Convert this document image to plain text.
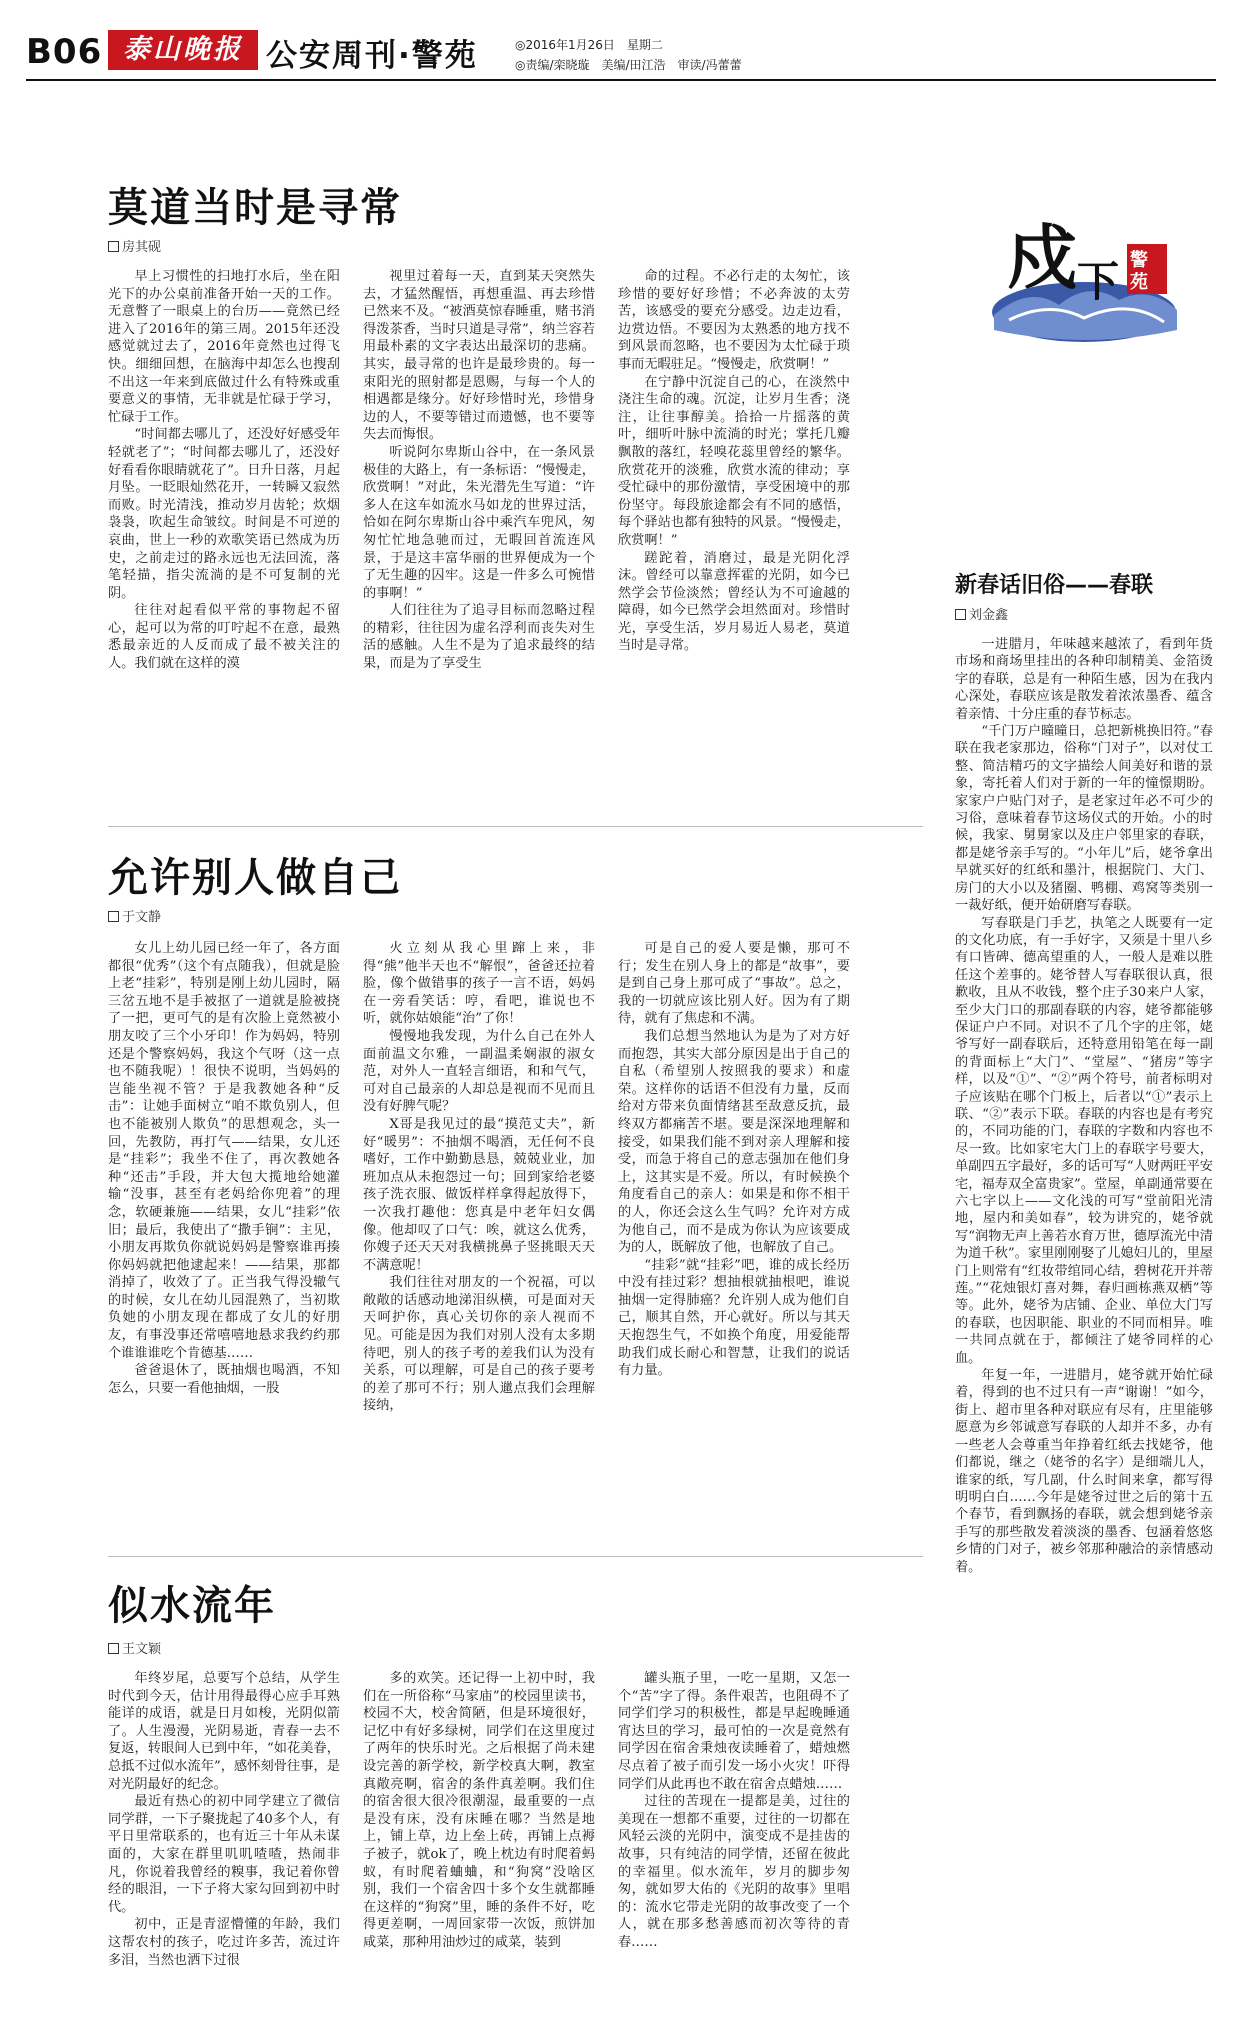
B06 泰山晚报 公安周刊·警苑	◎2016年1月26日　星期二
◎责编/栾晓璇　美编/田江浩　审读/冯蕾蕾
莫道当时是寻常
房其砚

早上习惯性的扫地打水后，坐在阳光下的办公桌前准备开始一天的工作。无意瞥了一眼桌上的台历——竟然已经进入了2016年的第三周。2015年还没感觉就过去了，2016年竟然也过得飞快。细细回想，在脑海中却怎么也搜刮不出这一年来到底做过什么有特殊或重要意义的事情，无非就是忙碌于学习，忙碌于工作。

“时间都去哪儿了，还没好好感受年轻就老了”；“时间都去哪儿了，还没好好看看你眼睛就花了”。日升日落，月起月坠。一眨眼灿然花开，一转瞬又寂然而败。时光清浅，推动岁月齿轮；炊烟袅袅，吹起生命皱纹。时间是不可逆的哀曲，世上一秒的欢歌笑语已然成为历史，之前走过的路永远也无法回流，落笔轻描，指尖流淌的是不可复制的光阴。

往往对起看似平常的事物起不留心，起可以为常的叮咛起不在意，最熟悉最亲近的人反而成了最不被关注的人。我们就在这样的漠

视里过着每一天，直到某天突然失去，才猛然醒悟，再想重温、再去珍惜已然来不及。“被酒莫惊春睡重，赌书消得泼茶香，当时只道是寻常”，纳兰容若用最朴素的文字表达出最深切的悲痛。其实，最寻常的也许是最珍贵的。每一束阳光的照射都是恩赐，与每一个人的相遇都是缘分。好好珍惜时光，珍惜身边的人，不要等错过而遗憾，也不要等失去而悔恨。

听说阿尔卑斯山谷中，在一条风景极佳的大路上，有一条标语：“慢慢走，欣赏啊！”对此，朱光潜先生写道：“许多人在这车如流水马如龙的世界过活，恰如在阿尔卑斯山谷中乘汽车兜风，匆匆忙忙地急驰而过，无暇回首流连风景，于是这丰富华丽的世界便成为一个了无生趣的囚牢。这是一件多么可惋惜的事啊！”

人们往往为了追寻目标而忽略过程的精彩，往往因为虚名浮利而丧失对生活的感触。人生不是为了追求最终的结果，而是为了享受生

命的过程。不必行走的太匆忙，该珍惜的要好好珍惜；不必奔波的太劳苦，该感受的要充分感受。边走边看，边赏边悟。不要因为太熟悉的地方找不到风景而忽略，也不要因为太忙碌于琐事而无暇驻足。“慢慢走，欣赏啊！”

在宁静中沉淀自己的心，在淡然中浇注生命的魂。沉淀，让岁月生香；浇注，让往事醇美。拾拾一片摇落的黄叶，细听叶脉中流淌的时光；掌托几瓣飘散的落红，轻嗅花蕊里曾经的繁华。欣赏花开的淡雅，欣赏水流的律动；享受忙碌中的那份激情，享受困境中的那份坚守。每段旅途都会有不同的感悟，每个驿站也都有独特的风景。“慢慢走，欣赏啊！”

蹉跎着，消磨过，最是光阴化浮沫。曾经可以靠意挥霍的光阴，如今已然学会节俭淡然；曾经认为不可逾越的障碍，如今已然学会坦然面对。珍惜时光，享受生活，岁月易近人易老，莫道当时是寻常。

允许别人做自己
于文静

女儿上幼儿园已经一年了，各方面都很“优秀”（这个有点随我），但就是脸上老“挂彩”，特别是刚上幼儿园时，隔三岔五地不是手被抠了一道就是脸被挠了一把，更可气的是有次脸上竟然被小朋友咬了三个小牙印！作为妈妈，特别还是个警察妈妈，我这个气呀（这一点也不随我呢）！很快不说明，当妈妈的岂能坐视不管？于是我教她各种“反击”：让她手面树立“咱不欺负别人，但也不能被别人欺负”的思想观念，头一回，先教防，再打气——结果，女儿还是“挂彩”；我坐不住了，再次教她各种“还击”手段，并大包大揽地给她灌输“没事，甚至有老妈给你兜着”的理念，软硬兼施——结果，女儿“挂彩”依旧；最后，我使出了“撒手锏”：主见，小朋友再欺负你就说妈妈是警察谁再揍你妈妈就把他逮起来！——结果，那都消掉了，收效了了。正当我气得没辙气的时候，女儿在幼儿园混熟了，当初欺负她的小朋友现在都成了女儿的好朋友，有事没事还常嘻嘻地悬求我约约那个谁谁谁吃个肯德基……

爸爸退休了，既抽烟也喝酒，不知怎么，只要一看他抽烟，一股

火立刻从我心里蹿上来，非得“熊”他半天也不“解恨”，爸爸还拉着脸，像个做错事的孩子一言不语，妈妈在一旁看笑话：哼，看吧，谁说也不听，就你姑娘能“治”了你！

慢慢地我发现，为什么自己在外人面前温文尔雅，一副温柔娴淑的淑女范，对外人一直轻言细语，和和气气，可对自己最亲的人却总是视而不见而且没有好脾气呢？

X哥是我见过的最“摸范丈夫”，新好“暖男”：不抽烟不喝酒，无任何不良嗜好，工作中勤勤恳恳，兢兢业业，加班加点从未抱怨过一句；回到家给老婆孩子洗衣服、做饭样样拿得起放得下，一次我打趣他：您真是中老年妇女偶像。他却叹了口气：唉，就这么优秀，你嫂子还天天对我横挑鼻子竖挑眼天天不满意呢！

我们往往对朋友的一个祝福，可以敞敞的话感动地涕泪纵横，可是面对天天呵护你，真心关切你的亲人视而不见。可能是因为我们对别人没有太多期待吧，别人的孩子考的差我们认为没有关系，可以理解，可是自己的孩子要考的差了那可不行；别人邋点我们会理解接纳，

可是自己的爱人要是懒，那可不行；发生在别人身上的都是“故事”，要是到自己身上那可成了“事故”。总之，我的一切就应该比别人好。因为有了期待，就有了焦虑和不满。

我们总想当然地认为是为了对方好而抱怨，其实大部分原因是出于自己的自私（希望别人按照我的要求）和虚荣。这样你的话语不但没有力量，反而给对方带来负面情绪甚至敌意反抗，最终双方都痛苦不堪。要是深深地理解和接受，如果我们能不到对亲人理解和接受，而急于将自己的意志强加在他们身上，这其实是不爱。所以，有时候换个角度看自己的亲人：如果是和你不相干的人，你还会这么生气吗？允许对方成为他自己，而不是成为你认为应该要成为的人，既解放了他，也解放了自己。

“挂彩”就“挂彩”吧，谁的成长经历中没有挂过彩？想抽根就抽根吧，谁说抽烟一定得肺癌？允许别人成为他们自己，顺其自然，开心就好。所以与其天天抱怨生气，不如换个角度，用爱能帮助我们成长耐心和智慧，让我们的说话有力量。

似水流年
王文颖

年终岁尾，总要写个总结，从学生时代到今天，估计用得最得心应手耳熟能详的成语，就是日月如梭，光阴似箭了。人生漫漫，光阴易逝，青春一去不复返，转眼间人已到中年，“如花美眷，总抵不过似水流年”，感怀刻骨往事，是对光阴最好的纪念。

最近有热心的初中同学建立了微信同学群，一下子聚拢起了40多个人，有平日里常联系的，也有近三十年从未谋面的，大家在群里叽叽喳喳，热闹非凡，你说着我曾经的糗事，我记着你曾经的眼泪，一下子将大家勾回到初中时代。

初中，正是青涩懵懂的年龄，我们这帮农村的孩子，吃过许多苦，流过许多泪，当然也洒下过很

多的欢笑。还记得一上初中时，我们在一所俗称“马家庙”的校园里读书，校园不大，校舍简陋，但是环境很好，记忆中有好多绿树，同学们在这里度过了两年的快乐时光。之后根据了尚未建设完善的新学校，新学校真大啊，教室真敞亮啊，宿舍的条件真差啊。我们住的宿舍很大很冷很潮湿，最重要的一点是没有床，没有床睡在哪？当然是地上，铺上草，边上垒上砖，再铺上点褥子被子，就ok了，晚上枕边有时爬着蚂蚁，有时爬着蛐蛐，和“狗窝”没啥区别，我们一个宿舍四十多个女生就都睡在这样的“狗窝”里，睡的条件不好，吃得更差啊，一周回家带一次饭，煎饼加咸菜，那种用油炒过的咸菜，装到

罐头瓶子里，一吃一星期，又怎一个“苦”字了得。条件艰苦，也阻碍不了同学们学习的积极性，都是早起晚睡通宵达旦的学习，最可怕的一次是竟然有同学因在宿舍秉烛夜读睡着了，蜡烛燃尽点着了被子而引发一场小火灾！吓得同学们从此再也不敢在宿舍点蜡烛……

过往的苦现在一提都是美，过往的美现在一想都不重要，过往的一切都在风轻云淡的光阴中，演变成不是挂齿的故事，只有纯洁的同学情，还留在彼此的幸福里。似水流年，岁月的脚步匆匆，就如罗大佑的《光阴的故事》里唱的：流水它带走光阴的故事改变了一个人，就在那多愁善感而初次等待的青春……

戍 下 警
苑
新春话旧俗——春联
刘金鑫

一进腊月，年味越来越浓了，看到年货市场和商场里挂出的各种印制精美、金箔烫字的春联，总是有一种陌生感，因为在我内心深处，春联应该是散发着浓浓墨香、蕴含着亲情、十分庄重的春节标志。

“千门万户曈曈日，总把新桃换旧符。”春联在我老家那边，俗称“门对子”，以对仗工整、简洁精巧的文字描绘人间美好和谐的景象，寄托着人们对于新的一年的憧憬期盼。家家户户贴门对子，是老家过年必不可少的习俗，意味着春节这场仪式的开始。小的时候，我家、舅舅家以及庄户邻里家的春联，都是姥爷亲手写的。“小年儿”后，姥爷拿出早就买好的红纸和墨汁，根据院门、大门、房门的大小以及猪圈、鸭棚、鸡窝等类别一一裁好纸，便开始研磨写春联。

写春联是门手艺，执笔之人既要有一定的文化功底，有一手好字，又须是十里八乡有口皆碑、德高望重的人，一般人是难以胜任这个差事的。姥爷替人写春联很认真，很歉收，且从不收钱，整个庄子30来户人家，至少大门口的那副春联的内容，姥爷都能够保证户户不同。对识不了几个字的庄邻，姥爷写好一副春联后，还特意用铅笔在每一副的背面标上“大门”、“堂屋”、“猪房”等字样，以及“①”、“②”两个符号，前者标明对子应该贴在哪个门板上，后者以“①”表示上联、“②”表示下联。春联的内容也是有考究的，不同功能的门，春联的字数和内容也不尽一致。比如家宅大门上的春联字号要大，单副四五字最好，多的话可写“人财两旺平安宅，福寿双全富贵家”。堂屋，单副通常要在六七字以上——文化浅的可写“堂前阳光清地，屋内和美如春”，较为讲究的，姥爷就写“润物无声上善若水育万世，德厚流光中清为道千秋”。家里刚刚娶了儿媳妇儿的，里屋门上则常有“红妆带绾同心结，碧树花开并蒂莲。”“花烛银灯喜对舞，春归画栋燕双栖”等等。此外，姥爷为店铺、企业、单位大门写的春联，也因职能、职业的不同而相异。唯一共同点就在于，都倾注了姥爷同样的心血。

年复一年，一进腊月，姥爷就开始忙碌着，得到的也不过只有一声“谢谢！”如今，街上、超市里各种对联应有尽有，庄里能够愿意为乡邻诚意写春联的人却并不多，办有一些老人会尊重当年挣着红纸去找姥爷，他们都说，继之（姥爷的名字）是细端儿人，谁家的纸，写几副，什么时间来拿，都写得明明白白……今年是姥爷过世之后的第十五个春节，看到飘扬的春联，就会想到姥爷亲手写的那些散发着淡淡的墨香、包涵着悠悠乡情的门对子，被乡邻那种融洽的亲情感动着。
